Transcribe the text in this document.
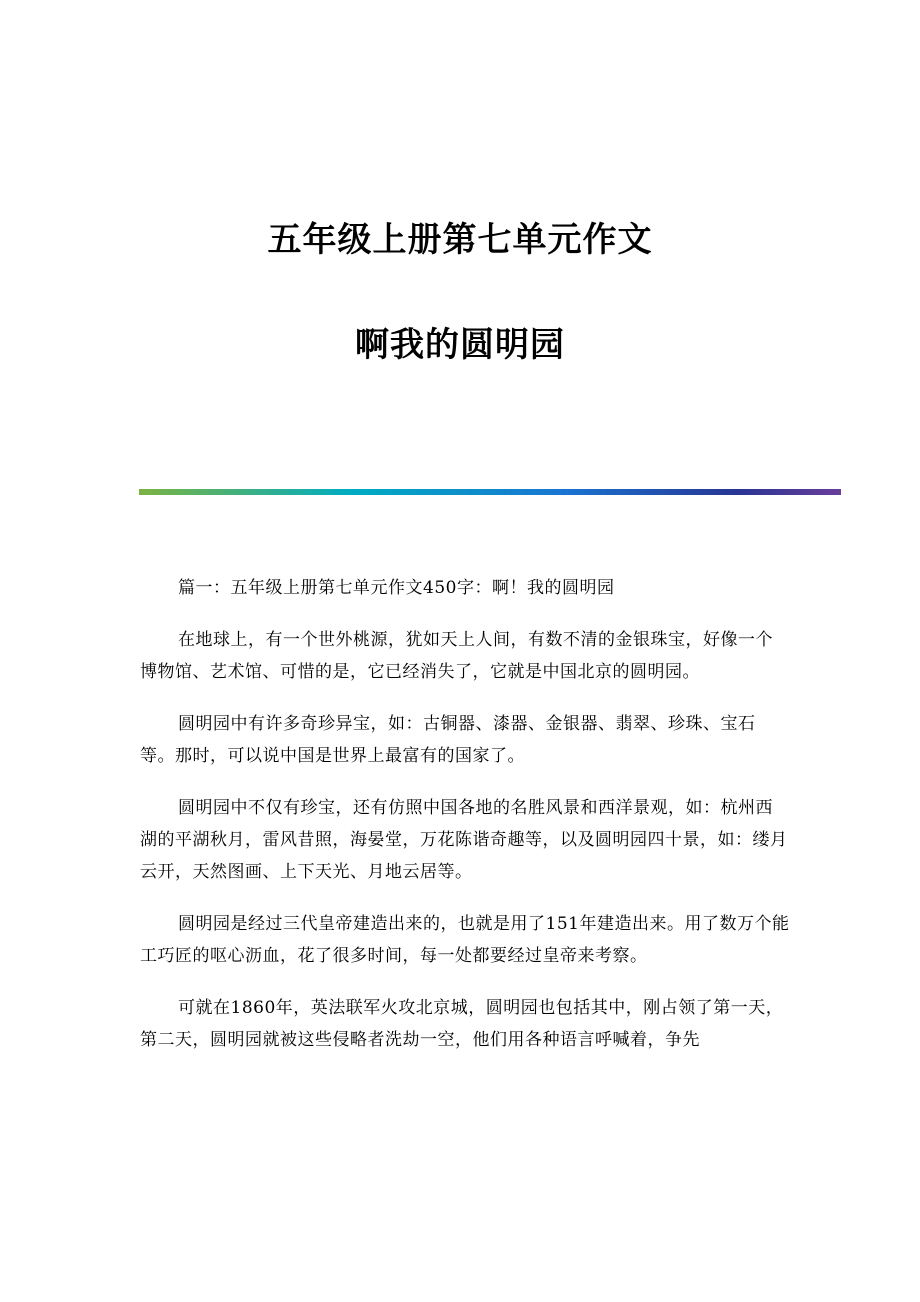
五年级上册第七单元作文
啊我的圆明园

篇一：五年级上册第七单元作文450字：啊！我的圆明园

在地球上，有一个世外桃源，犹如天上人间，有数不清的金银珠宝，好像一个博物馆、艺术馆、可惜的是，它已经消失了，它就是中国北京的圆明园。

圆明园中有许多奇珍异宝，如：古铜器、漆器、金银器、翡翠、珍珠、宝石等。那时，可以说中国是世界上最富有的国家了。

圆明园中不仅有珍宝，还有仿照中国各地的名胜风景和西洋景观，如：杭州西湖的平湖秋月，雷风昔照，海晏堂，万花陈谐奇趣等，以及圆明园四十景，如：缕月云开，天然图画、上下天光、月地云居等。

圆明园是经过三代皇帝建造出来的，也就是用了151年建造出来。用了数万个能工巧匠的呕心沥血，花了很多时间，每一处都要经过皇帝来考察。

可就在1860年，英法联军火攻北京城，圆明园也包括其中，刚占领了第一天，第二天，圆明园就被这些侵略者洗劫一空，他们用各种语言呼喊着，争先
